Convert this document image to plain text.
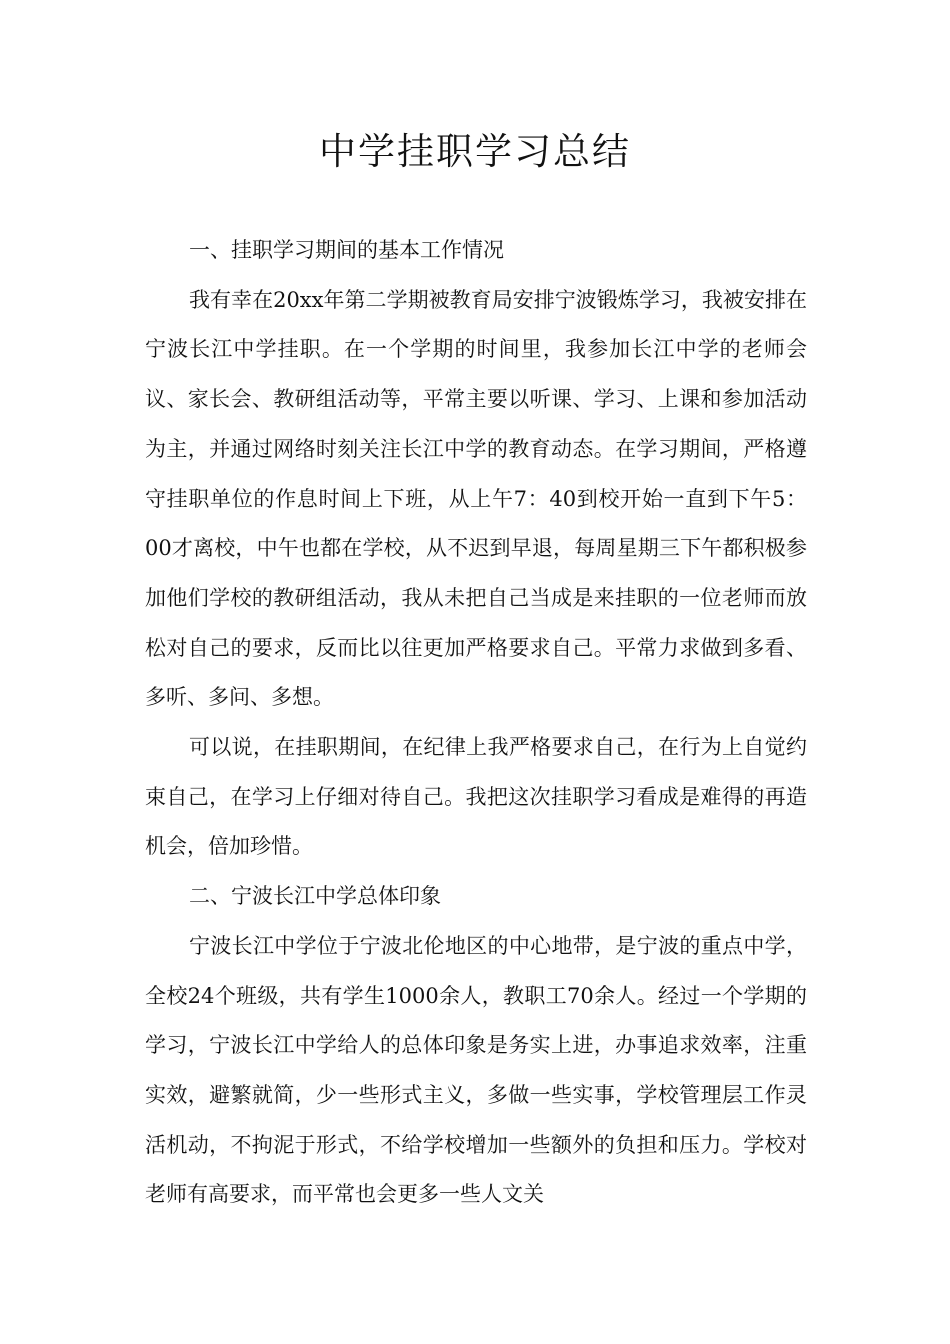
中学挂职学习总结

一、挂职学习期间的基本工作情况

我有幸在20xx年第二学期被教育局安排宁波锻炼学习，我被安排在宁波长江中学挂职。在一个学期的时间里，我参加长江中学的老师会议、家长会、教研组活动等，平常主要以听课、学习、上课和参加活动为主，并通过网络时刻关注长江中学的教育动态。在学习期间，严格遵守挂职单位的作息时间上下班，从上午7：40到校开始一直到下午5：00才离校，中午也都在学校，从不迟到早退，每周星期三下午都积极参加他们学校的教研组活动，我从未把自己当成是来挂职的一位老师而放松对自己的要求，反而比以往更加严格要求自己。平常力求做到多看、多听、多问、多想。

可以说，在挂职期间，在纪律上我严格要求自己，在行为上自觉约束自己，在学习上仔细对待自己。我把这次挂职学习看成是难得的再造机会，倍加珍惜。

二、宁波长江中学总体印象

宁波长江中学位于宁波北伦地区的中心地带，是宁波的重点中学，全校24个班级，共有学生1000余人，教职工70余人。经过一个学期的学习，宁波长江中学给人的总体印象是务实上进，办事追求效率，注重实效，避繁就简，少一些形式主义，多做一些实事，学校管理层工作灵活机动，不拘泥于形式，不给学校增加一些额外的负担和压力。学校对老师有高要求，而平常也会更多一些人文关
